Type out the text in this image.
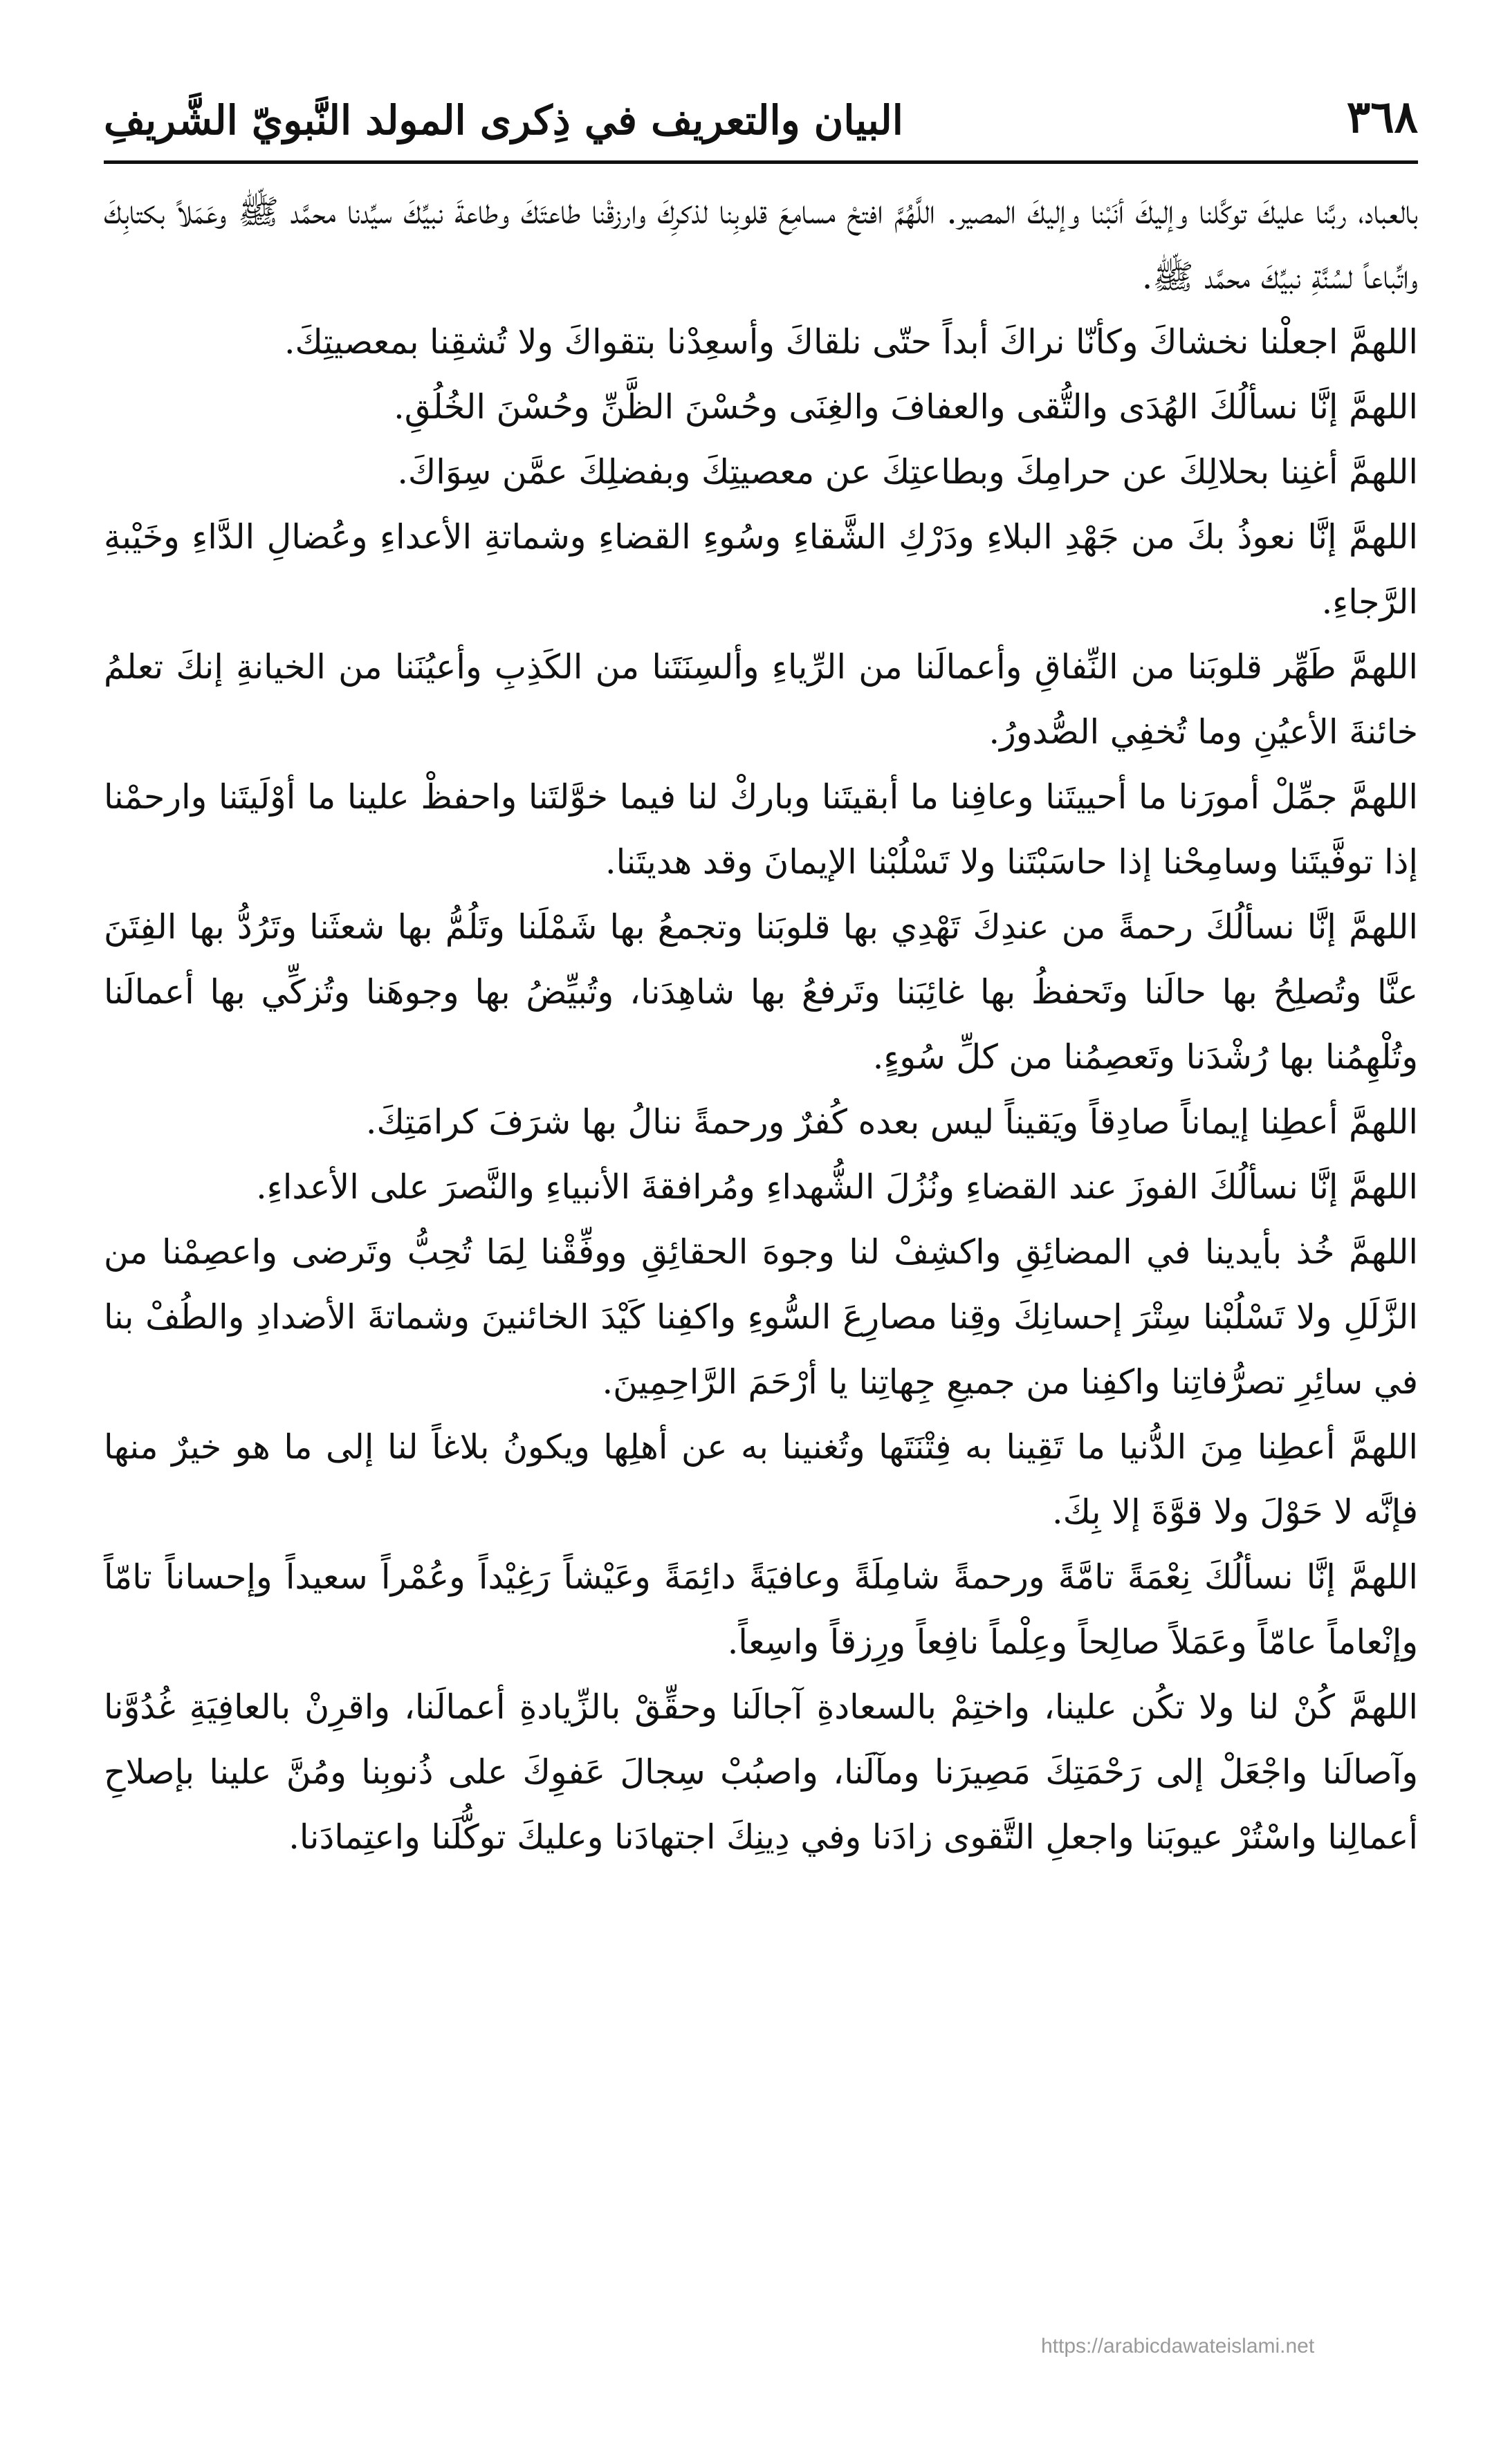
٣٦٨
البيان والتعريف في ذِكرى المولد النَّبويّ الشَّريفِ

بالعباد، ربَّنا عليكَ توكَّلنا وإليكَ أنَبْنا وإليكَ المصير. اللَّهُمَّ افتحْ مسامِعَ قلوبِنا لذكرِكَ وارزقْنا طاعتَكَ وطاعةَ نبيِّكَ سيِّدنا محمَّد ﷺ وعَمَلاً بكتابِكَ واتِّباعاً لسُنَّةِ نبيِّكَ محمَّد ﷺ.

اللهمَّ اجعلْنا نخشاكَ وكأنّا نراكَ أبداً حتّى نلقاكَ وأسعِدْنا بتقواكَ ولا تُشقِنا بمعصيتِكَ.

اللهمَّ إنَّا نسألُكَ الهُدَى والتُّقى والعفافَ والغِنَى وحُسْنَ الظَّنِّ وحُسْنَ الخُلُقِ.

اللهمَّ أغنِنا بحلالِكَ عن حرامِكَ وبطاعتِكَ عن معصيتِكَ وبفضلِكَ عمَّن سِوَاكَ.

اللهمَّ إنَّا نعوذُ بكَ من جَهْدِ البلاءِ ودَرْكِ الشَّقاءِ وسُوءِ القضاءِ وشماتةِ الأعداءِ وعُضالِ الدَّاءِ وخَيْبةِ الرَّجاءِ.

اللهمَّ طَهِّر قلوبَنا من النِّفاقِ وأعمالَنا من الرِّياءِ وألسِنَتَنا من الكَذِبِ وأعيُنَنا من الخيانةِ إنكَ تعلمُ خائنةَ الأعيُنِ وما تُخفِي الصُّدورُ.

اللهمَّ جمِّلْ أمورَنا ما أحييتَنا وعافِنا ما أبقيتَنا وباركْ لنا فيما خوَّلتَنا واحفظْ علينا ما أوْلَيتَنا وارحمْنا إذا توفَّيتَنا وسامِحْنا إذا حاسَبْتَنا ولا تَسْلُبْنا الإيمانَ وقد هديتَنا.

اللهمَّ إنَّا نسألُكَ رحمةً من عندِكَ تَهْدِي بها قلوبَنا وتجمعُ بها شَمْلَنا وتَلُمُّ بها شعثَنا وتَرُدُّ بها الفِتَنَ عنَّا وتُصلِحُ بها حالَنا وتَحفظُ بها غائِبَنا وتَرفعُ بها شاهِدَنا، وتُبيِّضُ بها وجوهَنا وتُزكِّي بها أعمالَنا وتُلْهِمُنا بها رُشْدَنا وتَعصِمُنا من كلِّ سُوءٍ.

اللهمَّ أعطِنا إيماناً صادِقاً ويَقيناً ليس بعده كُفرٌ ورحمةً ننالُ بها شرَفَ كرامَتِكَ.

اللهمَّ إنَّا نسألُكَ الفوزَ عند القضاءِ ونُزُلَ الشُّهداءِ ومُرافقةَ الأنبياءِ والنَّصرَ على الأعداءِ.

اللهمَّ خُذ بأيدينا في المضائِقِ واكشِفْ لنا وجوهَ الحقائِقِ ووفِّقْنا لِمَا تُحِبُّ وتَرضى واعصِمْنا من الزَّلَلِ ولا تَسْلُبْنا سِتْرَ إحسانِكَ وقِنا مصارِعَ السُّوءِ واكفِنا كَيْدَ الخائنينَ وشماتةَ الأضدادِ والطُفْ بنا في سائِرِ تصرُّفاتِنا واكفِنا من جميعِ جِهاتِنا يا أرْحَمَ الرَّاحِمِينَ.

اللهمَّ أعطِنا مِنَ الدُّنيا ما تَقِينا به فِتْنَتَها وتُغنينا به عن أهلِها ويكونُ بلاغاً لنا إلى ما هو خيرٌ منها فإنَّه لا حَوْلَ ولا قوَّةَ إلا بِكَ.

اللهمَّ إنَّا نسألُكَ نِعْمَةً تامَّةً ورحمةً شامِلَةً وعافيَةً دائِمَةً وعَيْشاً رَغِيْداً وعُمْراً سعيداً وإحساناً تامّاً وإنْعاماً عامّاً وعَمَلاً صالِحاً وعِلْماً نافِعاً ورِزقاً واسِعاً.

اللهمَّ كُنْ لنا ولا تكُن علينا، واختِمْ بالسعادةِ آجالَنا وحقِّقْ بالزِّيادةِ أعمالَنا، واقرِنْ بالعافِيَةِ غُدُوَّنا وآصالَنا واجْعَلْ إلى رَحْمَتِكَ مَصِيرَنا ومآلَنا، واصبُبْ سِجالَ عَفوِكَ على ذُنوبِنا ومُنَّ علينا بإصلاحِ أعمالِنا واسْتُرْ عيوبَنا واجعلِ التَّقوى زادَنا وفي دِينِكَ اجتهادَنا وعليكَ توكُّلَنا واعتِمادَنا.

https://arabicdawateislami.net
